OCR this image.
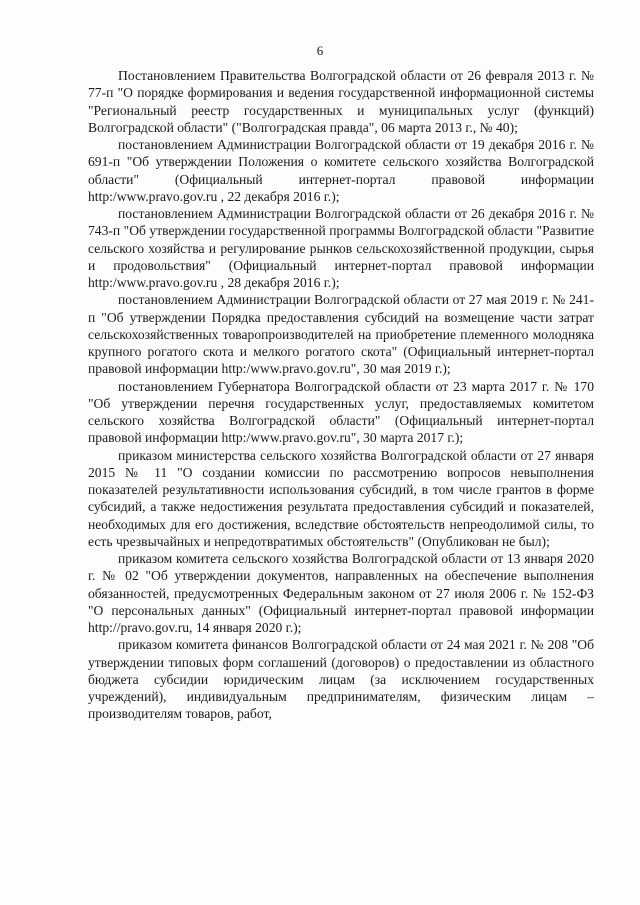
6

Постановлением Правительства Волгоградской области от 26 февраля 2013 г. № 77-п "О порядке формирования и ведения государственной информационной системы "Региональный реестр государственных и муниципальных услуг (функций) Волгоградской области" ("Волгоградская правда", 06 марта 2013 г., № 40);

постановлением Администрации Волгоградской области от 19 декабря 2016 г. № 691-п "Об утверждении Положения о комитете сельского хозяйства Волгоградской области" (Официальный интернет-портал правовой информации http:/www.pravo.gov.ru , 22 декабря 2016 г.);

постановлением Администрации Волгоградской области от 26 декабря 2016 г. № 743-п "Об утверждении государственной программы Волгоградской области "Развитие сельского хозяйства и регулирование рынков сельскохозяйственной продукции, сырья и продовольствия" (Официальный интернет-портал правовой информации http:/www.pravo.gov.ru , 28 декабря 2016 г.);

постановлением Администрации Волгоградской области от 27 мая 2019 г. № 241-п "Об утверждении Порядка предоставления субсидий на возмещение части затрат сельскохозяйственных товаропроизводителей на приобретение племенного молодняка крупного рогатого скота и мелкого рогатого скота" (Официальный интернет-портал правовой информации http:/www.pravo.gov.ru", 30 мая 2019 г.);

постановлением Губернатора Волгоградской области от 23 марта 2017 г. № 170 "Об утверждении перечня государственных услуг, предоставляемых комитетом сельского хозяйства Волгоградской области" (Официальный интернет-портал правовой информации http:/www.pravo.gov.ru", 30 марта 2017 г.);

приказом министерства сельского хозяйства Волгоградской области от 27 января 2015 № 11 "О создании комиссии по рассмотрению вопросов невыполнения показателей результативности использования субсидий, в том числе грантов в форме субсидий, а также недостижения результата предоставления субсидий и показателей, необходимых для его достижения, вследствие обстоятельств непреодолимой силы, то есть чрезвычайных и непредотвратимых обстоятельств" (Опубликован не был);

приказом комитета сельского хозяйства Волгоградской области от 13 января 2020 г. № 02 "Об утверждении документов, направленных на обеспечение выполнения обязанностей, предусмотренных Федеральным законом от 27 июля 2006 г. № 152-ФЗ "О персональных данных" (Официальный интернет-портал правовой информации http://pravo.gov.ru, 14 января 2020 г.);

приказом комитета финансов Волгоградской области от 24 мая 2021 г. № 208 "Об утверждении типовых форм соглашений (договоров) о предоставлении из областного бюджета субсидии юридическим лицам (за исключением государственных учреждений), индивидуальным предпринимателям, физическим лицам – производителям товаров, работ,
